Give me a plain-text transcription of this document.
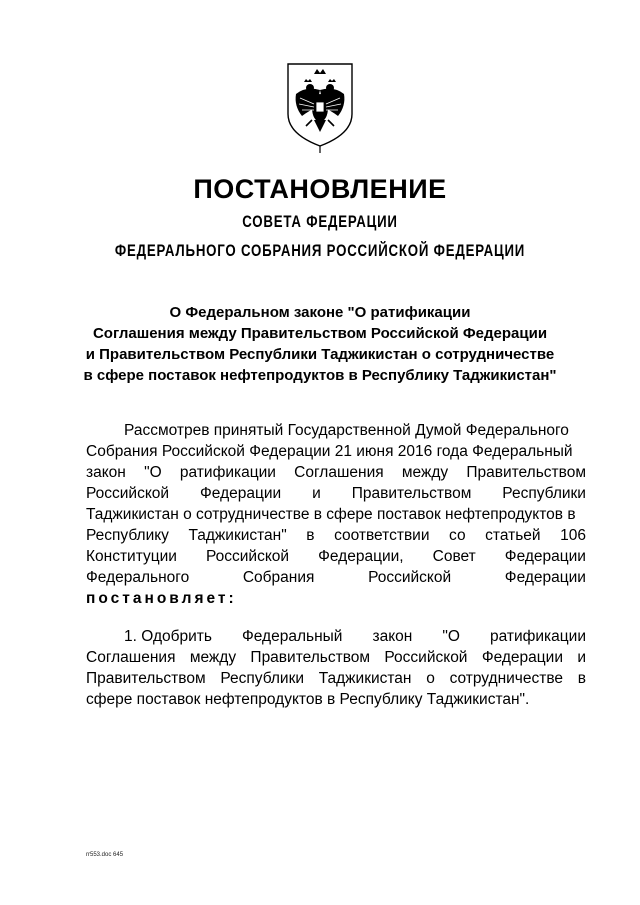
ПОСТАНОВЛЕНИЕ
СОВЕТА ФЕДЕРАЦИИ
ФЕДЕРАЛЬНОГО СОБРАНИЯ РОССИЙСКОЙ ФЕДЕРАЦИИ
О Федеральном законе "О ратификации
Соглашения между Правительством Российской Федерации
и Правительством Республики Таджикистан о сотрудничестве
в сфере поставок нефтепродуктов в Республику Таджикистан"
Рассмотрев принятый Государственной Думой Федерального
Собрания Российской Федерации 21 июня 2016 года Федеральный
закон "О ратификации Соглашения между Правительством
Российской Федерации и Правительством Республики
Таджикистан о сотрудничестве в сфере поставок нефтепродуктов в
Республику Таджикистан" в соответствии со статьей 106
Конституции Российской Федерации, Совет Федерации
Федерального	Собрания	Российской	Федерации
постановляет:
1. Одобрить Федеральный закон "О ратификации
Соглашения между Правительством Российской Федерации и
Правительством Республики Таджикистан о сотрудничестве в
сфере поставок нефтепродуктов в Республику Таджикистан".
rr553.doc 645
